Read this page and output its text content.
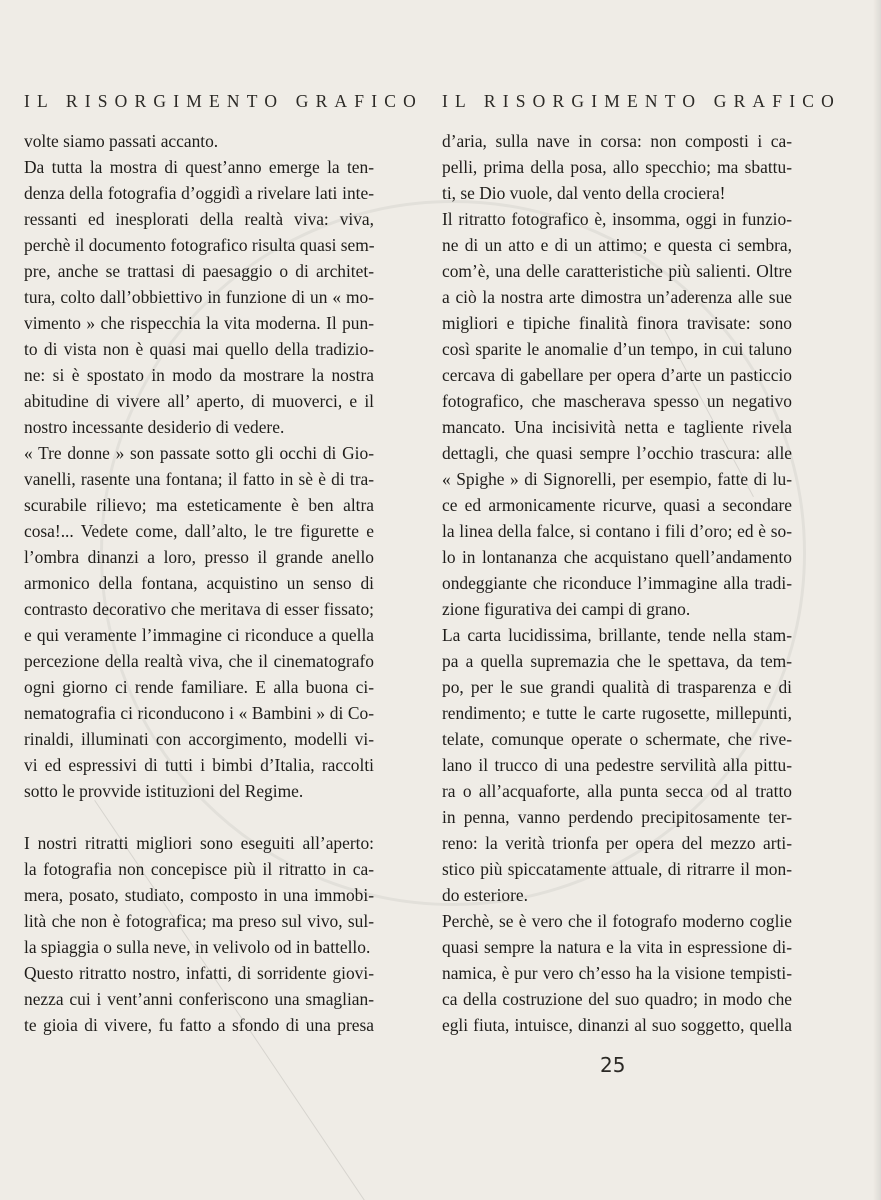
IL RISORGIMENTO GRAFICO
volte siamo passati accanto.
Da tutta la mostra di quest’anno emerge la ten-
denza della fotografia d’oggidì a rivelare lati inte-
ressanti ed inesplorati della realtà viva: viva,
perchè il documento fotografico risulta quasi sem-
pre, anche se trattasi di paesaggio o di architet-
tura, colto dall’obbiettivo in funzione di un « mo-
vimento » che rispecchia la vita moderna. Il pun-
to di vista non è quasi mai quello della tradizio-
ne: si è spostato in modo da mostrare la nostra
abitudine di vivere all’ aperto, di muoverci, e il
nostro incessante desiderio di vedere.
« Tre donne » son passate sotto gli occhi di Gio-
vanelli, rasente una fontana; il fatto in sè è di tra-
scurabile rilievo; ma esteticamente è ben altra
cosa!... Vedete come, dall’alto, le tre figurette e
l’ombra dinanzi a loro, presso il grande anello
armonico della fontana, acquistino un senso di
contrasto decorativo che meritava di esser fissato;
e qui veramente l’immagine ci riconduce a quella
percezione della realtà viva, che il cinematografo
ogni giorno ci rende familiare. E alla buona ci-
nematografia ci riconducono i « Bambini » di Co-
rinaldi, illuminati con accorgimento, modelli vi-
vi ed espressivi di tutti i bimbi d’Italia, raccolti
sotto le provvide istituzioni del Regime.
I nostri ritratti migliori sono eseguiti all’aperto:
la fotografia non concepisce più il ritratto in ca-
mera, posato, studiato, composto in una immobi-
lità che non è fotografica; ma preso sul vivo, sul-
la spiaggia o sulla neve, in velivolo od in battello.
Questo ritratto nostro, infatti, di sorridente giovi-
nezza cui i vent’anni conferiscono una smaglian-
te gioia di vivere, fu fatto a sfondo di una presa
IL RISORGIMENTO GRAFICO
d’aria, sulla nave in corsa: non composti i ca-
pelli, prima della posa, allo specchio; ma sbattu-
ti, se Dio vuole, dal vento della crociera!
Il ritratto fotografico è, insomma, oggi in funzio-
ne di un atto e di un attimo; e questa ci sembra,
com’è, una delle caratteristiche più salienti. Oltre
a ciò la nostra arte dimostra un’aderenza alle sue
migliori e tipiche finalità finora travisate: sono
così sparite le anomalie d’un tempo, in cui taluno
cercava di gabellare per opera d’arte un pasticcio
fotografico, che mascherava spesso un negativo
mancato. Una incisività netta e tagliente rivela
dettagli, che quasi sempre l’occhio trascura: alle
« Spighe » di Signorelli, per esempio, fatte di lu-
ce ed armonicamente ricurve, quasi a secondare
la linea della falce, si contano i fili d’oro; ed è so-
lo in lontananza che acquistano quell’andamento
ondeggiante che riconduce l’immagine alla tradi-
zione figurativa dei campi di grano.
La carta lucidissima, brillante, tende nella stam-
pa a quella supremazia che le spettava, da tem-
po, per le sue grandi qualità di trasparenza e di
rendimento; e tutte le carte rugosette, millepunti,
telate, comunque operate o schermate, che rive-
lano il trucco di una pedestre servilità alla pittu-
ra o all’acquaforte, alla punta secca od al tratto
in penna, vanno perdendo precipitosamente ter-
reno: la verità trionfa per opera del mezzo arti-
stico più spiccatamente attuale, di ritrarre il mon-
do esteriore.
Perchè, se è vero che il fotografo moderno coglie
quasi sempre la natura e la vita in espressione di-
namica, è pur vero ch’esso ha la visione tempisti-
ca della costruzione del suo quadro; in modo che
egli fiuta, intuisce, dinanzi al suo soggetto, quella
25
